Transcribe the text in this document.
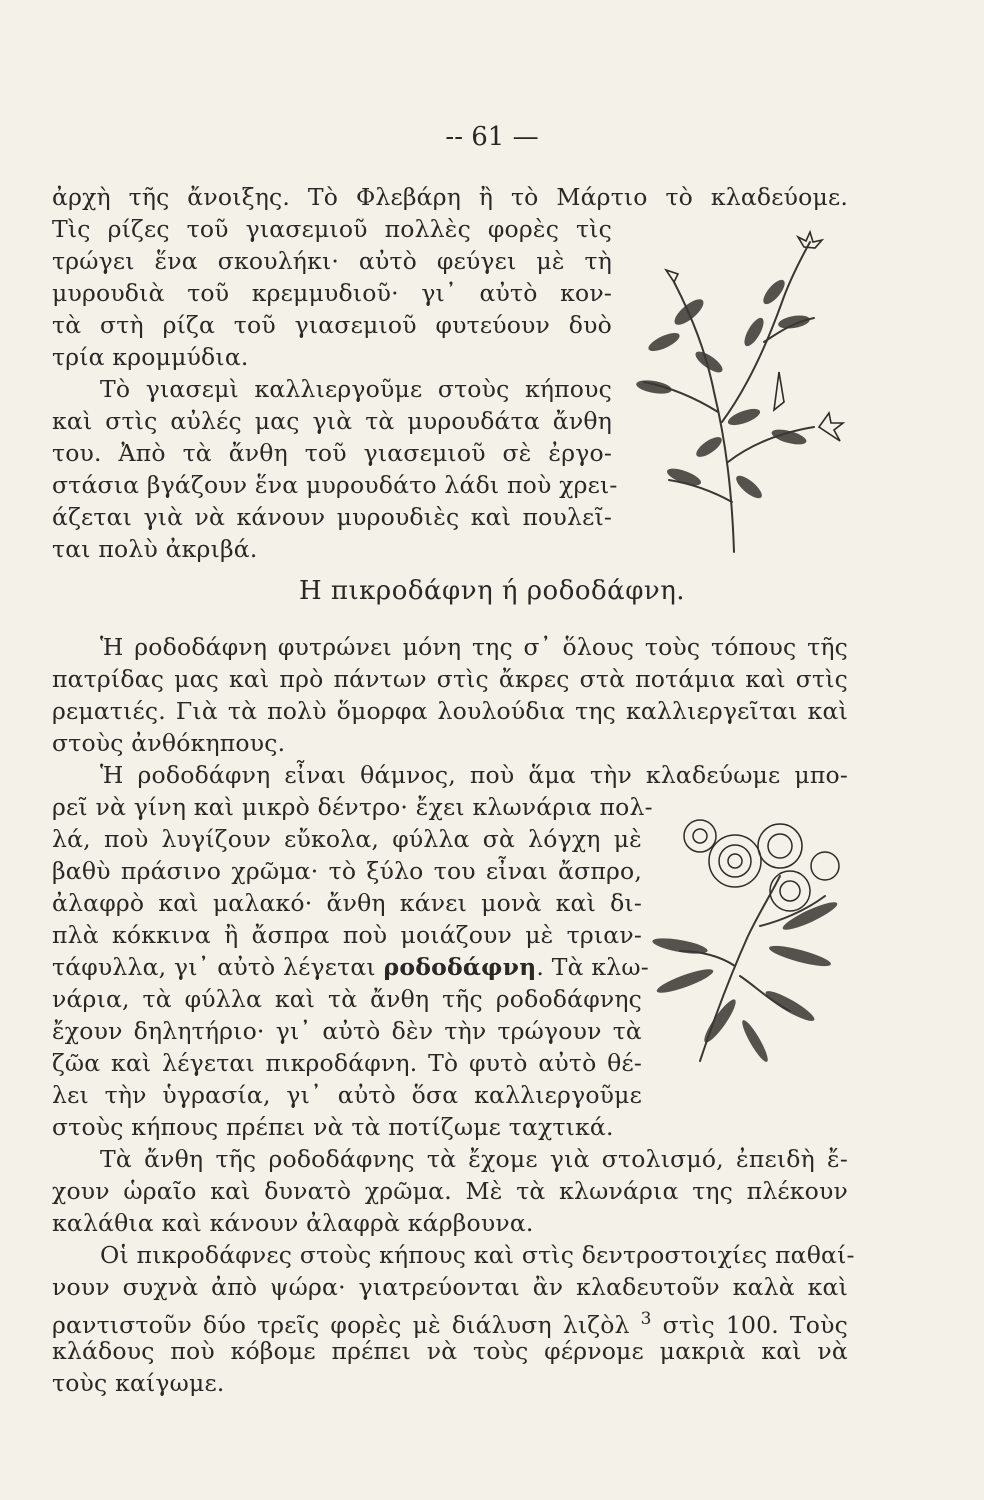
-- 61 —
ἀρχὴ τῆς ἄνοιξης. Τὸ Φλεβάρη ἢ τὸ Μάρτιο τὸ κλαδεύομε.
Τὶς ρίζες τοῦ γιασεμιοῦ πολλὲς φορὲς τὶς
τρώγει ἕνα σκουλήκι· αὐτὸ φεύγει μὲ τὴ
μυρουδιὰ τοῦ κρεμμυδιοῦ· γι᾿ αὐτὸ κον-
τὰ στὴ ρίζα τοῦ γιασεμιοῦ φυτεύουν δυὸ
τρία κρομμύδια.
Τὸ γιασεμὶ καλλιεργοῦμε στοὺς κήπους
καὶ στὶς αὐλές μας γιὰ τὰ μυρουδάτα ἄνθη
του. Ἀπὸ τὰ ἄνθη τοῦ γιασεμιοῦ σὲ ἐργο-
στάσια βγάζουν ἕνα μυρουδάτο λάδι ποὺ χρει-
άζεται γιὰ νὰ κάνουν μυρουδιὲς καὶ πουλεῖ-
ται πολὺ ἀκριβά.
Η πικροδάφνη ή ροδοδάφνη.
Ἡ ροδοδάφνη φυτρώνει μόνη της σ᾿ ὅλους τοὺς τόπους τῆς
πατρίδας μας καὶ πρὸ πάντων στὶς ἄκρες στὰ ποτάμια καὶ στὶς
ρεματιές. Γιὰ τὰ πολὺ ὅμορφα λουλούδια της καλλιεργεῖται καὶ
στοὺς ἀνθόκηπους.
Ἡ ροδοδάφνη εἶναι θάμνος, ποὺ ἅμα τὴν κλαδεύωμε μπο-
ρεῖ νὰ γίνη καὶ μικρὸ δέντρο· ἔχει κλωνάρια πολ-
λά, ποὺ λυγίζουν εὔκολα, φύλλα σὰ λόγχη μὲ
βαθὺ πράσινο χρῶμα· τὸ ξύλο του εἶναι ἄσπρο,
ἀλαφρὸ καὶ μαλακό· ἄνθη κάνει μονὰ καὶ δι-
πλὰ κόκκινα ἢ ἄσπρα ποὺ μοιάζουν μὲ τριαν-
τάφυλλα, γι᾿ αὐτὸ λέγεται ροδοδάφνη. Τὰ κλω-
νάρια, τὰ φύλλα καὶ τὰ ἄνθη τῆς ροδοδάφνης
ἔχουν δηλητήριο· γι᾿ αὐτὸ δὲν τὴν τρώγουν τὰ
ζῶα καὶ λέγεται πικροδάφνη. Τὸ φυτὸ αὐτὸ θέ-
λει τὴν ὑγρασία, γι᾿ αὐτὸ ὅσα καλλιεργοῦμε
στοὺς κήπους πρέπει νὰ τὰ ποτίζωμε ταχτικά.
Τὰ ἄνθη τῆς ροδοδάφνης τὰ ἔχομε γιὰ στολισμό, ἐπειδὴ ἔ-
χουν ὡραῖο καὶ δυνατὸ χρῶμα. Μὲ τὰ κλωνάρια της πλέκουν
καλάθια καὶ κάνουν ἀλαφρὰ κάρβουνα.
Οἱ πικροδάφνες στοὺς κήπους καὶ στὶς δεντροστοιχίες παθαί-
νουν συχνὰ ἀπὸ ψώρα· γιατρεύονται ἂν κλαδευτοῦν καλὰ καὶ
ραντιστοῦν δύο τρεῖς φορὲς μὲ διάλυση λιζὸλ $^3$ στὶς 100. Τοὺς
κλάδους ποὺ κόβομε πρέπει νὰ τοὺς φέρνομε μακριὰ καὶ νὰ
τοὺς καίγωμε.
